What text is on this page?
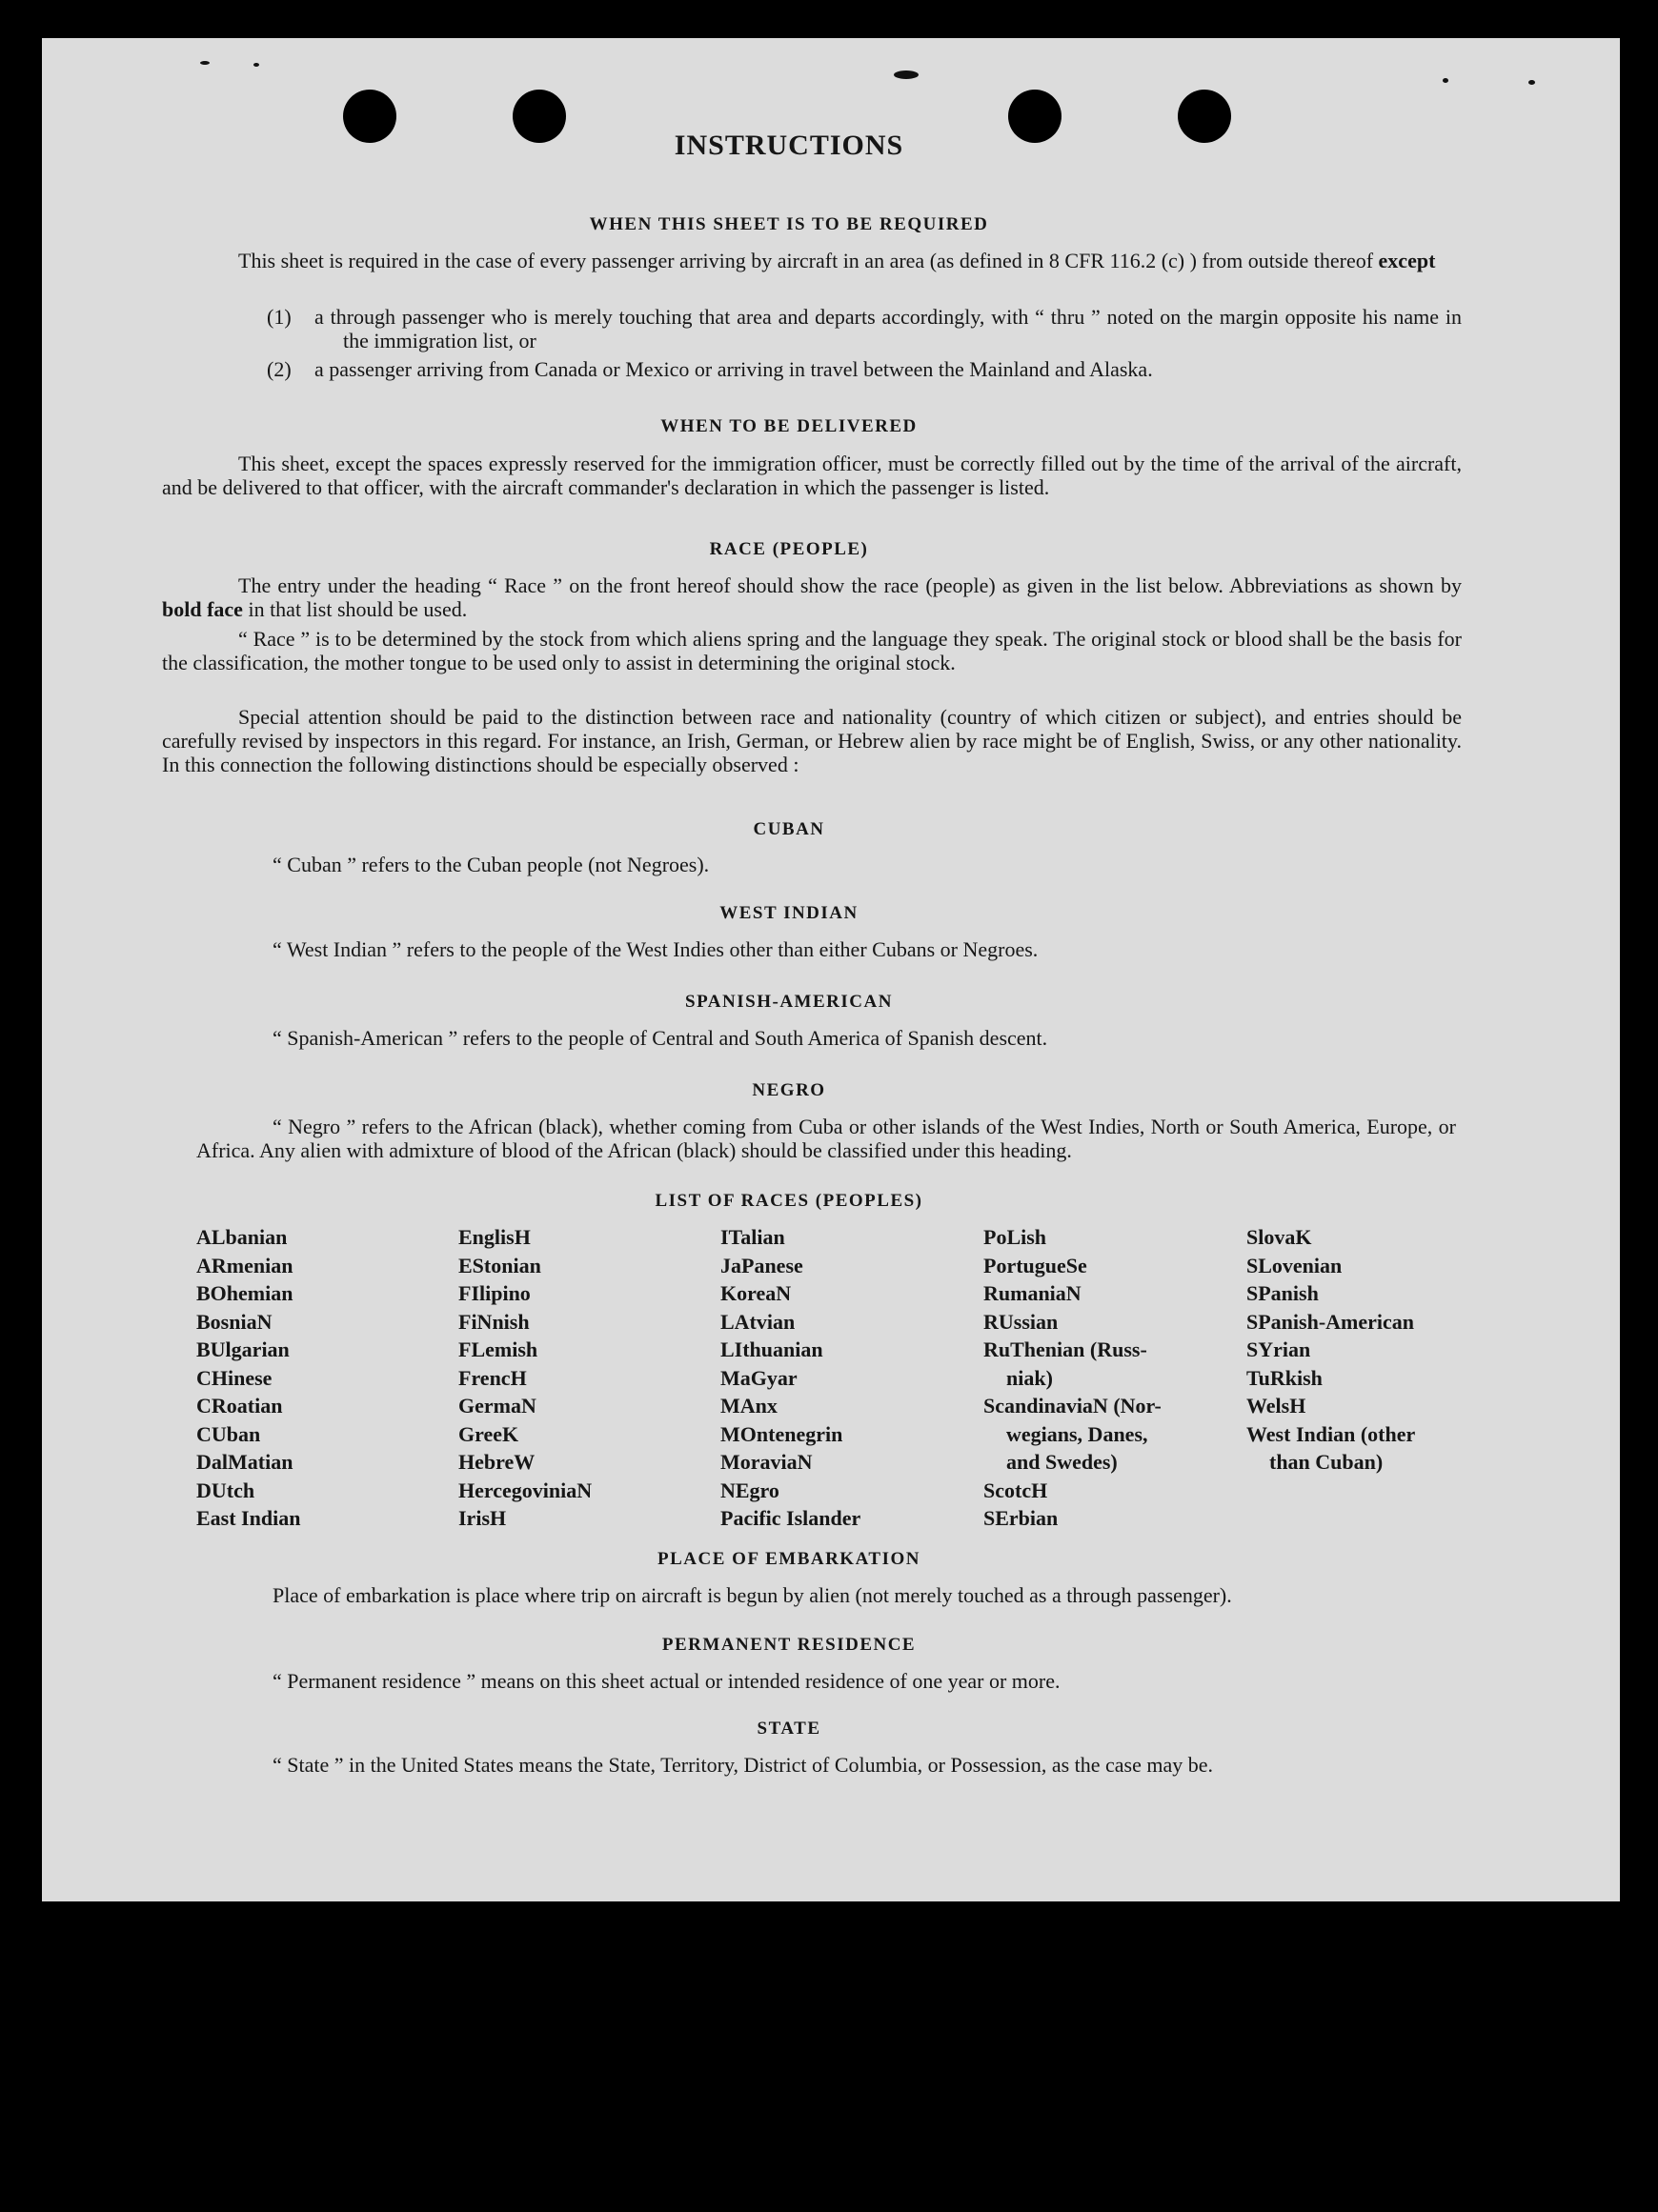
INSTRUCTIONS
WHEN THIS SHEET IS TO BE REQUIRED
This sheet is required in the case of every passenger arriving by aircraft in an area (as defined in 8 CFR 116.2 (c) ) from outside thereof except
(1) a through passenger who is merely touching that area and departs accordingly, with “ thru ” noted on the margin opposite his name in the immigration list, or
(2) a passenger arriving from Canada or Mexico or arriving in travel between the Mainland and Alaska.
WHEN TO BE DELIVERED
This sheet, except the spaces expressly reserved for the immigration officer, must be correctly filled out by the time of the arrival of the aircraft, and be delivered to that officer, with the aircraft commander's declaration in which the passenger is listed.
RACE (PEOPLE)
The entry under the heading “ Race ” on the front hereof should show the race (people) as given in the list below. Abbreviations as shown by bold face in that list should be used.
“ Race ” is to be determined by the stock from which aliens spring and the language they speak. The original stock or blood shall be the basis for the classification, the mother tongue to be used only to assist in determining the original stock.
Special attention should be paid to the distinction between race and nationality (country of which citizen or subject), and entries should be carefully revised by inspectors in this regard. For instance, an Irish, German, or Hebrew alien by race might be of English, Swiss, or any other nationality. In this connection the following distinctions should be especially observed :
CUBAN
“ Cuban ” refers to the Cuban people (not Negroes).
WEST INDIAN
“ West Indian ” refers to the people of the West Indies other than either Cubans or Negroes.
SPANISH-AMERICAN
“ Spanish-American ” refers to the people of Central and South America of Spanish descent.
NEGRO
“ Negro ” refers to the African (black), whether coming from Cuba or other islands of the West Indies, North or South America, Europe, or Africa. Any alien with admixture of blood of the African (black) should be classified under this heading.
LIST OF RACES (PEOPLES)
ALbanian
ARmenian
BOhemian
BosniaN
BUlgarian
CHinese
CRoatian
CUban
DalMatian
DUtch
East Indian
EnglisH
EStonian
FIlipino
FiNnish
FLemish
FrencH
GermaN
GreeK
HebreW
HercegoviniaN
IrisH
ITalian
JaPanese
KoreaN
LAtvian
LIthuanian
MaGyar
MAnx
MOntenegrin
MoraviaN
NEgro
Pacific Islander
PoLish
PortugueSe
RumaniaN
RUssian
RuThenian (Russ-
niak)
ScandinaviaN (Nor-
wegians, Danes,
and Swedes)
ScotcH
SErbian
SlovaK
SLovenian
SPanish
SPanish-American
SYrian
TuRkish
WelsH
West Indian (other
than Cuban)
PLACE OF EMBARKATION
Place of embarkation is place where trip on aircraft is begun by alien (not merely touched as a through passenger).
PERMANENT RESIDENCE
“ Permanent residence ” means on this sheet actual or intended residence of one year or more.
STATE
“ State ” in the United States means the State, Territory, District of Columbia, or Possession, as the case may be.
